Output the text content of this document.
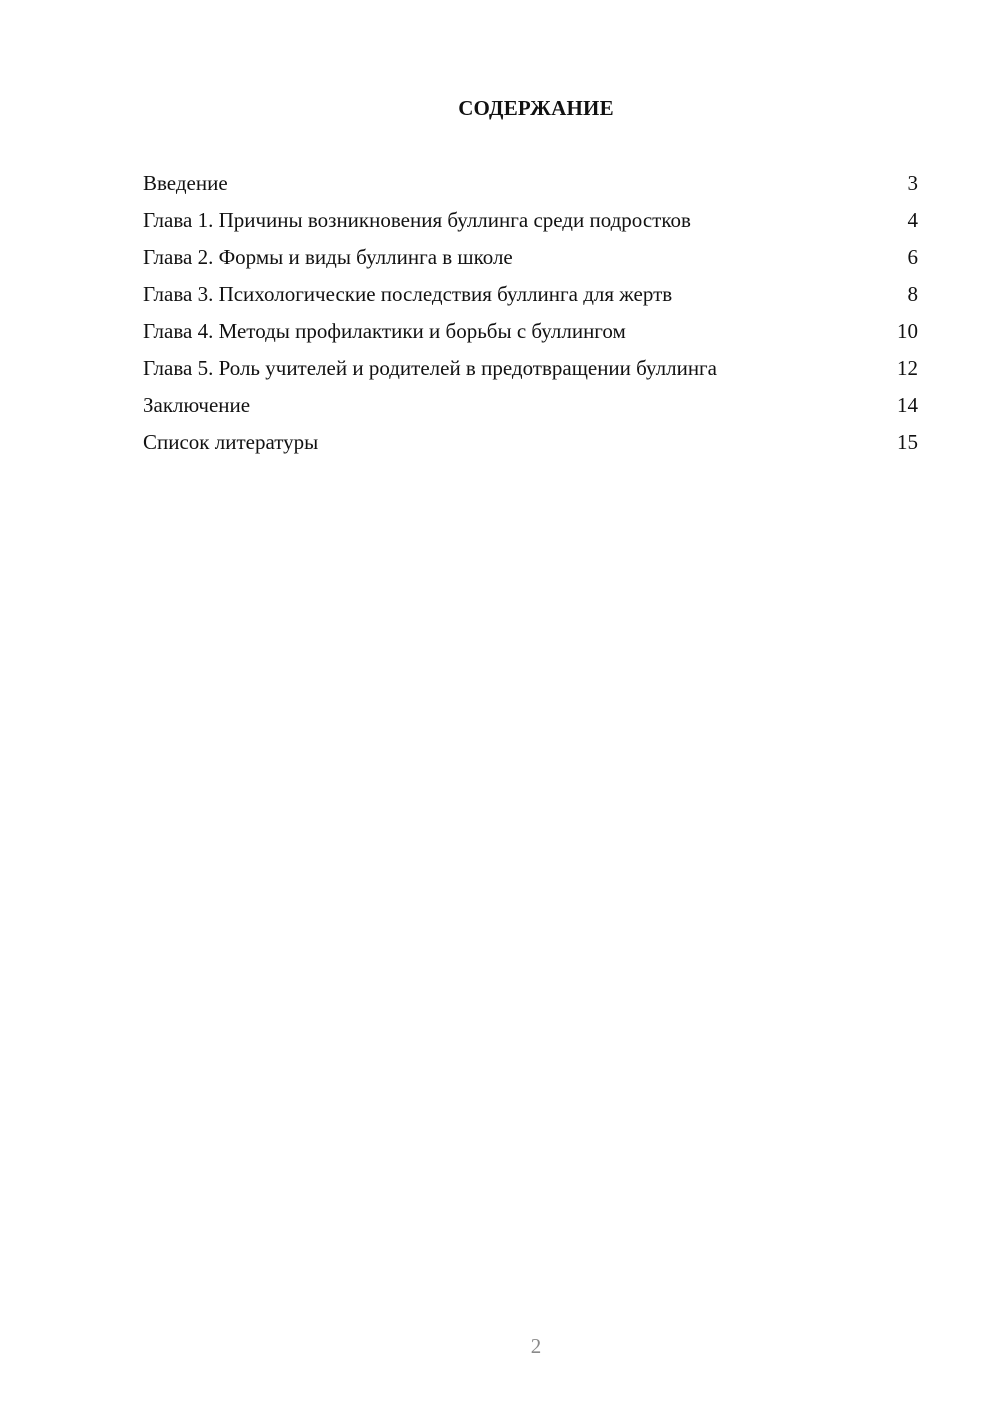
СОДЕРЖАНИЕ
Введение	3
Глава 1. Причины возникновения буллинга среди подростков	4
Глава 2. Формы и виды буллинга в школе	6
Глава 3. Психологические последствия буллинга для жертв	8
Глава 4. Методы профилактики и борьбы с буллингом	10
Глава 5. Роль учителей и родителей в предотвращении буллинга	12
Заключение	14
Список литературы	15
2
